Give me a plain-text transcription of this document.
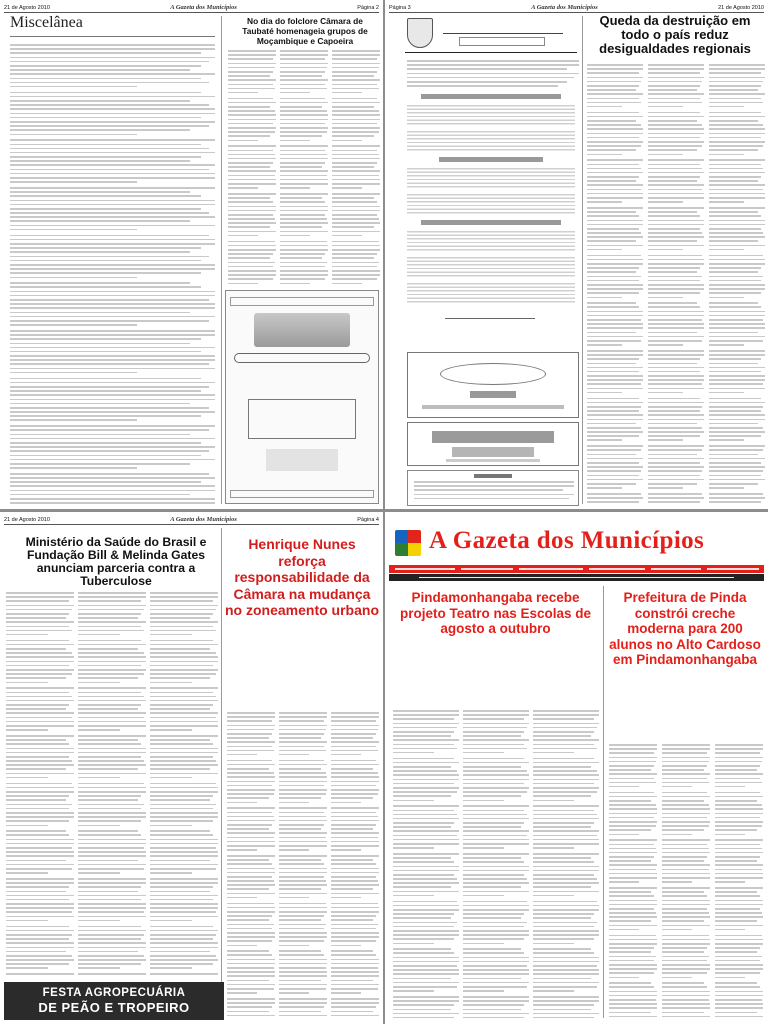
21 de Agosto 2010	A Gazeta dos Municípios	Página 2
Miscelânea	No dia do folclore Câmara de Taubaté homenageia grupos de Moçambique e Capoeira
Página 3	A Gazeta dos Municípios	21 de Agosto 2010
Queda da destruição em todo o país reduz desigualdades regionais
21 de Agosto 2010	A Gazeta dos Municípios	Página 4
Ministério da Saúde do Brasil e Fundação Bill & Melinda Gates anunciam parceria contra a Tuberculose
Henrique Nunes reforça responsabilidade da Câmara na mudança no zoneamento urbano
FESTA AGROPECUÁRIA
DE PEÃO E TROPEIRO
A Gazeta dos Municípios
Pindamonhangaba recebe projeto Teatro nas Escolas de agosto a outubro
Prefeitura de Pinda constrói creche moderna para 200 alunos no Alto Cardoso em Pindamonhangaba
